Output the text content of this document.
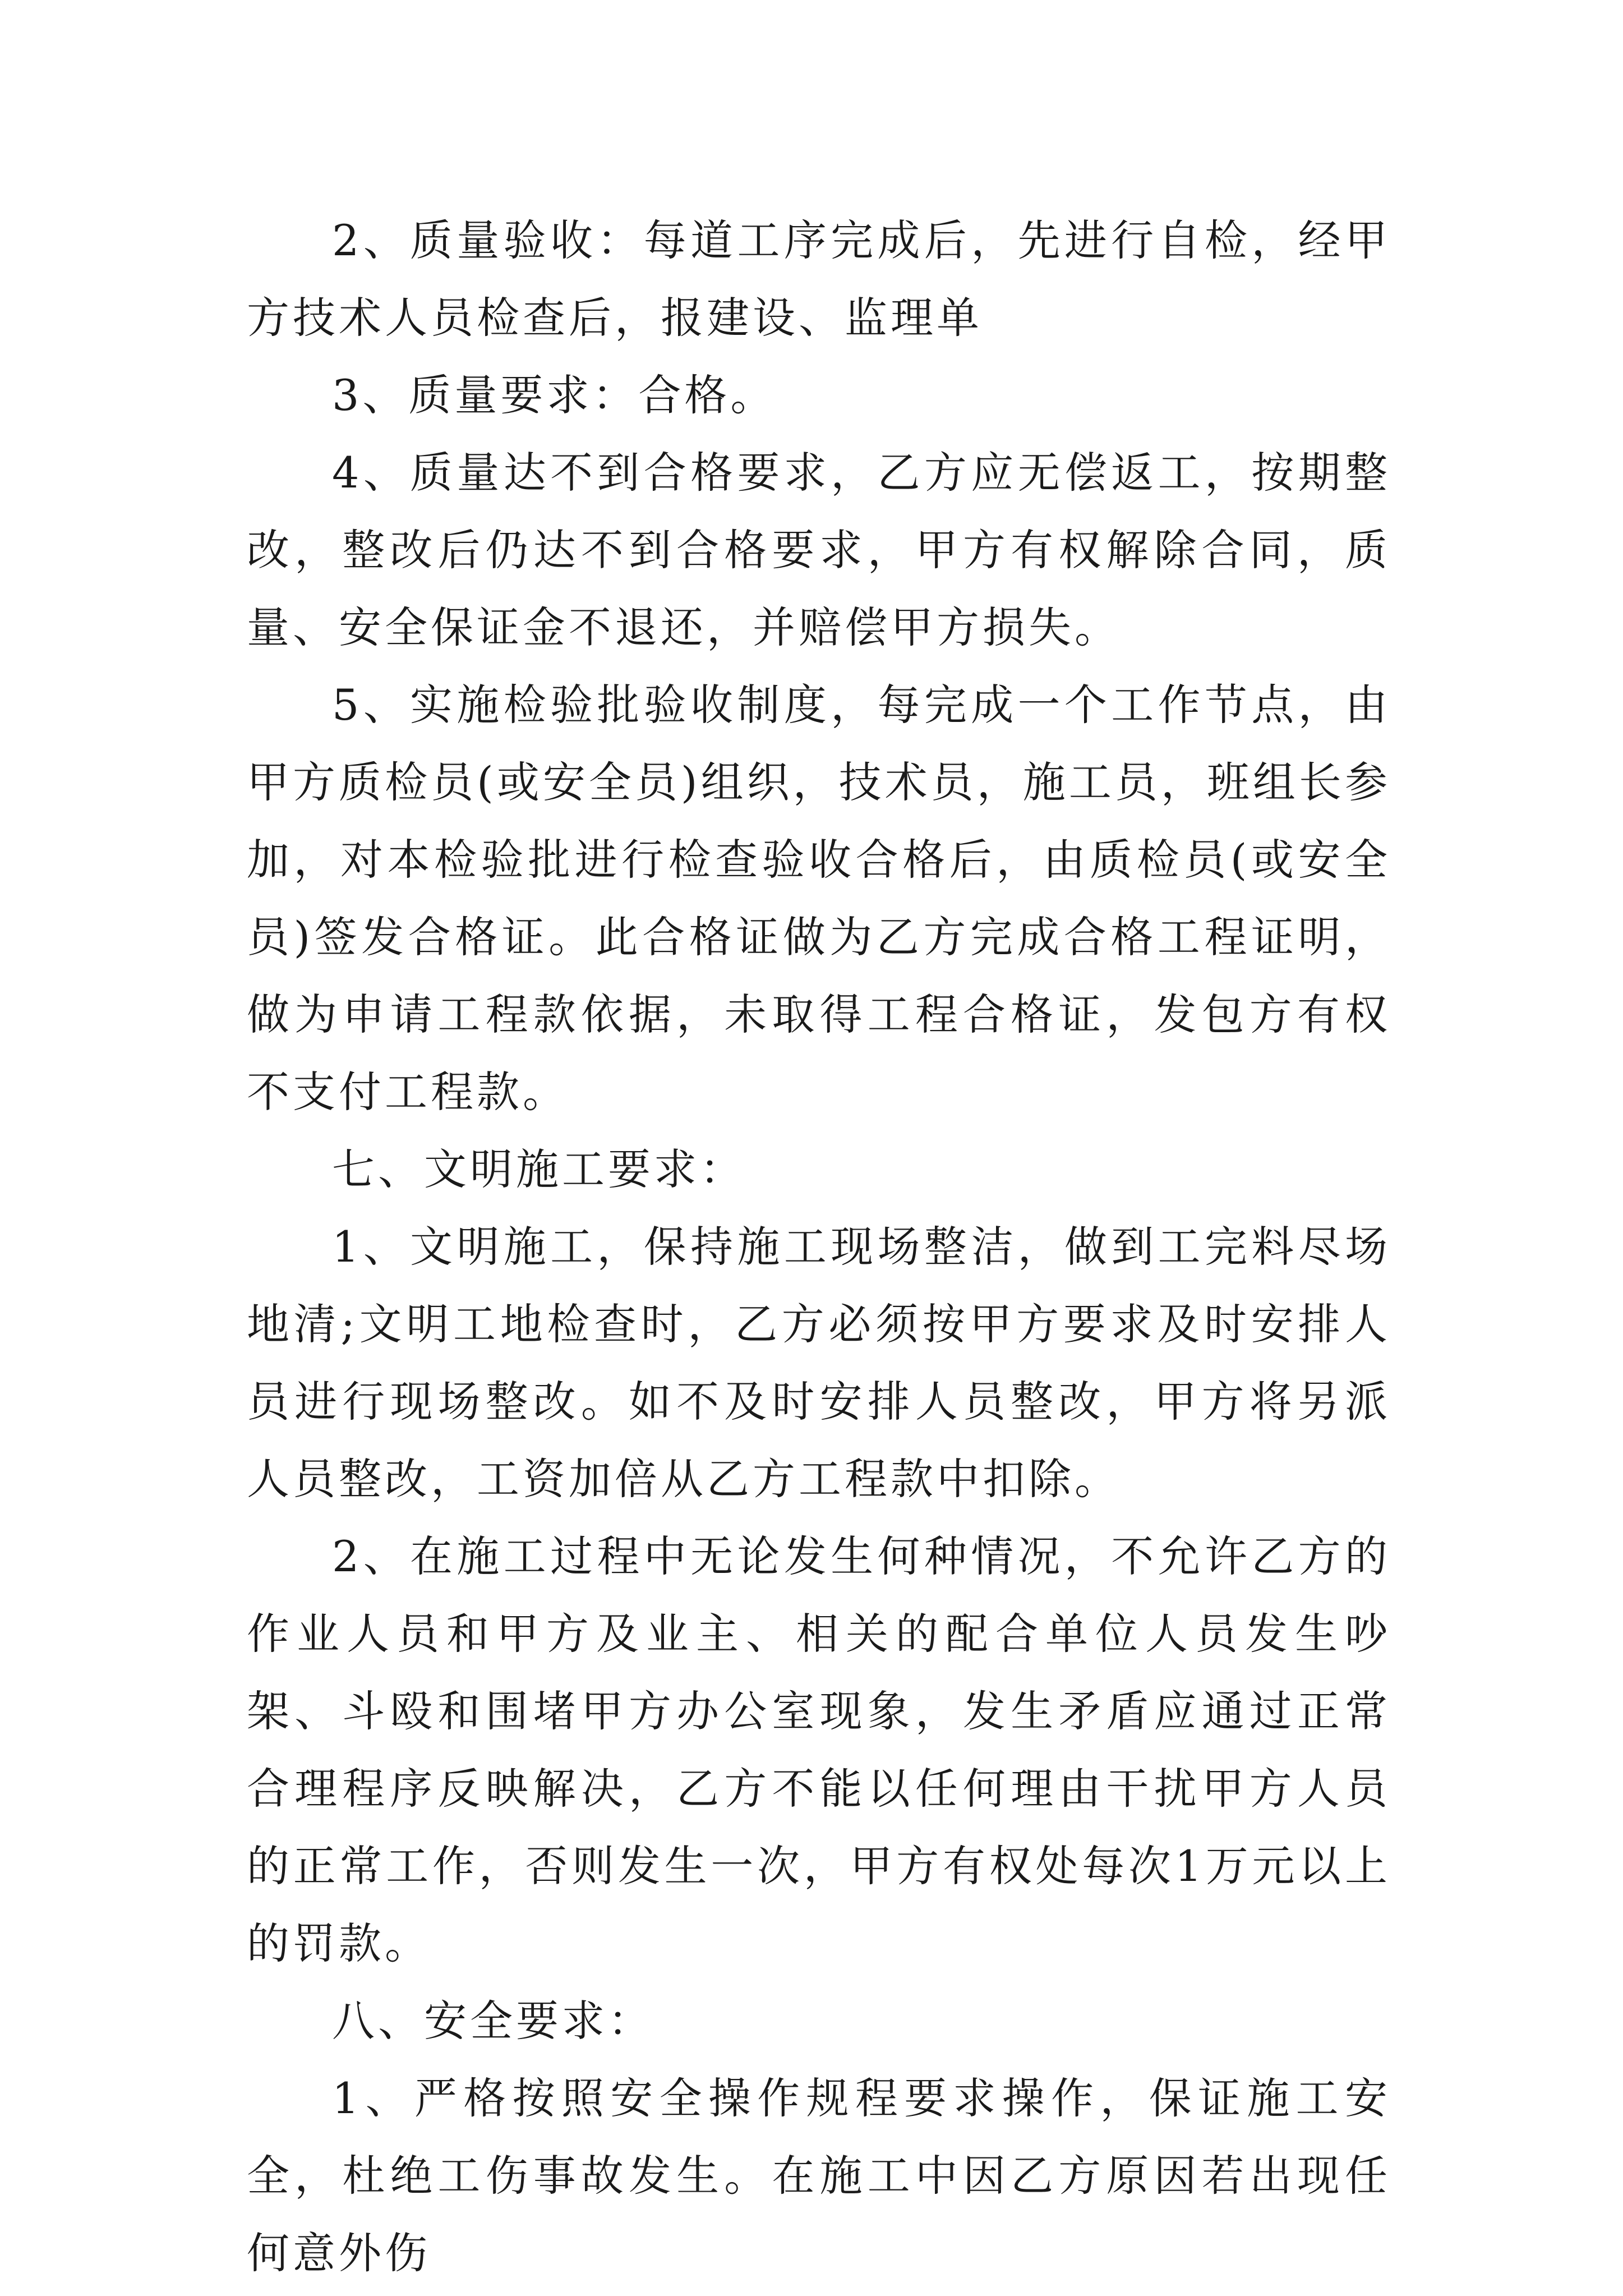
2、质量验收：每道工序完成后，先进行自检，经甲方技术人员检查后，报建设、监理单

3、质量要求：合格。

4、质量达不到合格要求，乙方应无偿返工，按期整改，整改后仍达不到合格要求，甲方有权解除合同，质量、安全保证金不退还，并赔偿甲方损失。

5、实施检验批验收制度，每完成一个工作节点，由甲方质检员(或安全员)组织，技术员，施工员，班组长参加，对本检验批进行检查验收合格后，由质检员(或安全员)签发合格证。此合格证做为乙方完成合格工程证明，做为申请工程款依据，未取得工程合格证，发包方有权不支付工程款。

七、文明施工要求：

1、文明施工，保持施工现场整洁，做到工完料尽场地清;文明工地检查时，乙方必须按甲方要求及时安排人员进行现场整改。如不及时安排人员整改，甲方将另派人员整改，工资加倍从乙方工程款中扣除。

2、在施工过程中无论发生何种情况，不允许乙方的作业人员和甲方及业主、相关的配合单位人员发生吵架、斗殴和围堵甲方办公室现象，发生矛盾应通过正常合理程序反映解决，乙方不能以任何理由干扰甲方人员的正常工作，否则发生一次，甲方有权处每次1万元以上的罚款。

八、安全要求：

1、严格按照安全操作规程要求操作，保证施工安全，杜绝工伤事故发生。在施工中因乙方原因若出现任何意外伤
